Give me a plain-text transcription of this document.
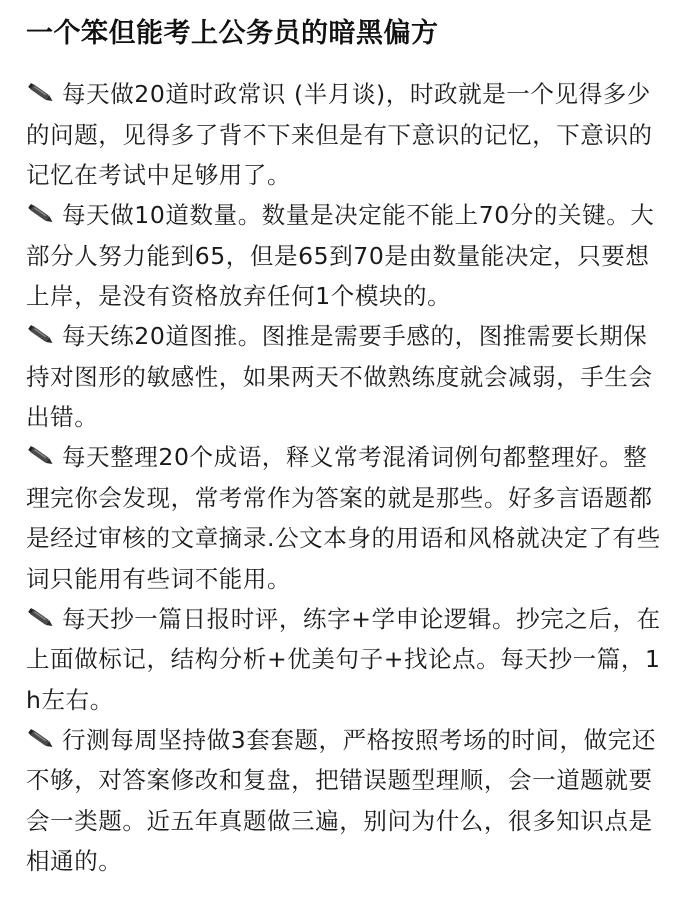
一个笨但能考上公务员的暗黑偏方
每天做20道时政常识 (半月谈)，时政就是一个见得多少的问题，见得多了背不下来但是有下意识的记忆，下意识的记忆在考试中足够用了。
每天做10道数量。数量是决定能不能上70分的关键。大部分人努力能到65，但是65到70是由数量能决定，只要想上岸，是没有资格放弃任何1个模块的。
每天练20道图推。图推是需要手感的，图推需要长期保持对图形的敏感性，如果两天不做熟练度就会减弱，手生会出错。
每天整理20个成语，释义常考混淆词例句都整理好。整理完你会发现，常考常作为答案的就是那些。好多言语题都是经过审核的文章摘录.公文本身的用语和风格就决定了有些词只能用有些词不能用。
每天抄一篇日报时评，练字+学申论逻辑。抄完之后，在上面做标记，结构分析+优美句子+找论点。每天抄一篇，1h左右。
行测每周坚持做3套套题，严格按照考场的时间，做完还不够，对答案修改和复盘，把错误题型理顺，会一道题就要会一类题。近五年真题做三遍，别问为什么，很多知识点是相通的。
